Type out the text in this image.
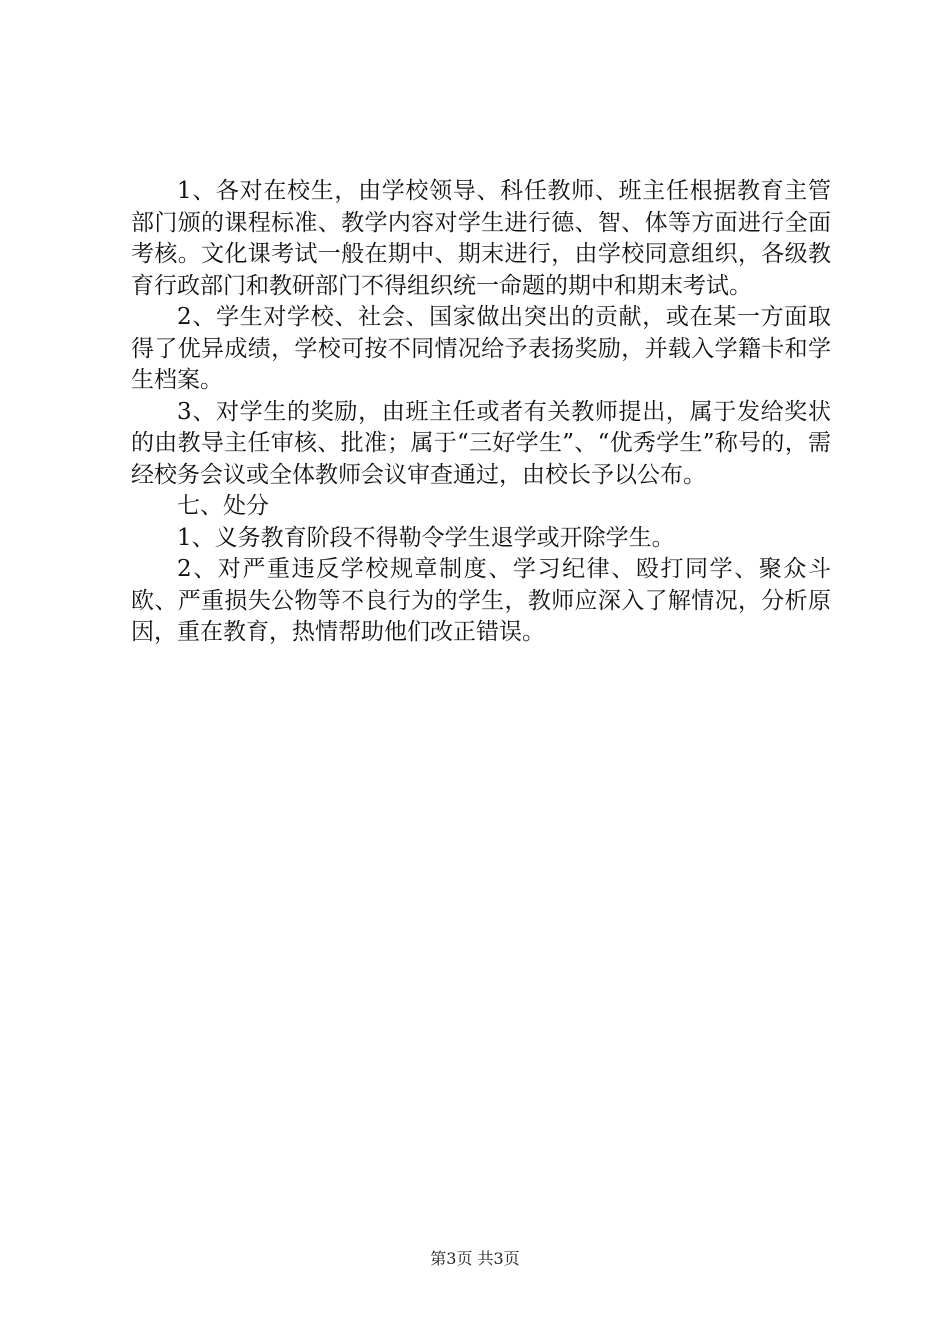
1、各对在校生，由学校领导、科任教师、班主任根据教育主管部门颁的课程标准、教学内容对学生进行德、智、体等方面进行全面考核。文化课考试一般在期中、期末进行，由学校同意组织，各级教育行政部门和教研部门不得组织统一命题的期中和期末考试。

2、学生对学校、社会、国家做出突出的贡献，或在某一方面取得了优异成绩，学校可按不同情况给予表扬奖励，并载入学籍卡和学生档案。

3、对学生的奖励，由班主任或者有关教师提出，属于发给奖状的由教导主任审核、批准；属于“三好学生”、“优秀学生”称号的，需经校务会议或全体教师会议审查通过，由校长予以公布。

七、处分

1、义务教育阶段不得勒令学生退学或开除学生。

2、对严重违反学校规章制度、学习纪律、殴打同学、聚众斗欧、严重损失公物等不良行为的学生，教师应深入了解情况，分析原因，重在教育，热情帮助他们改正错误。

第3页 共3页
